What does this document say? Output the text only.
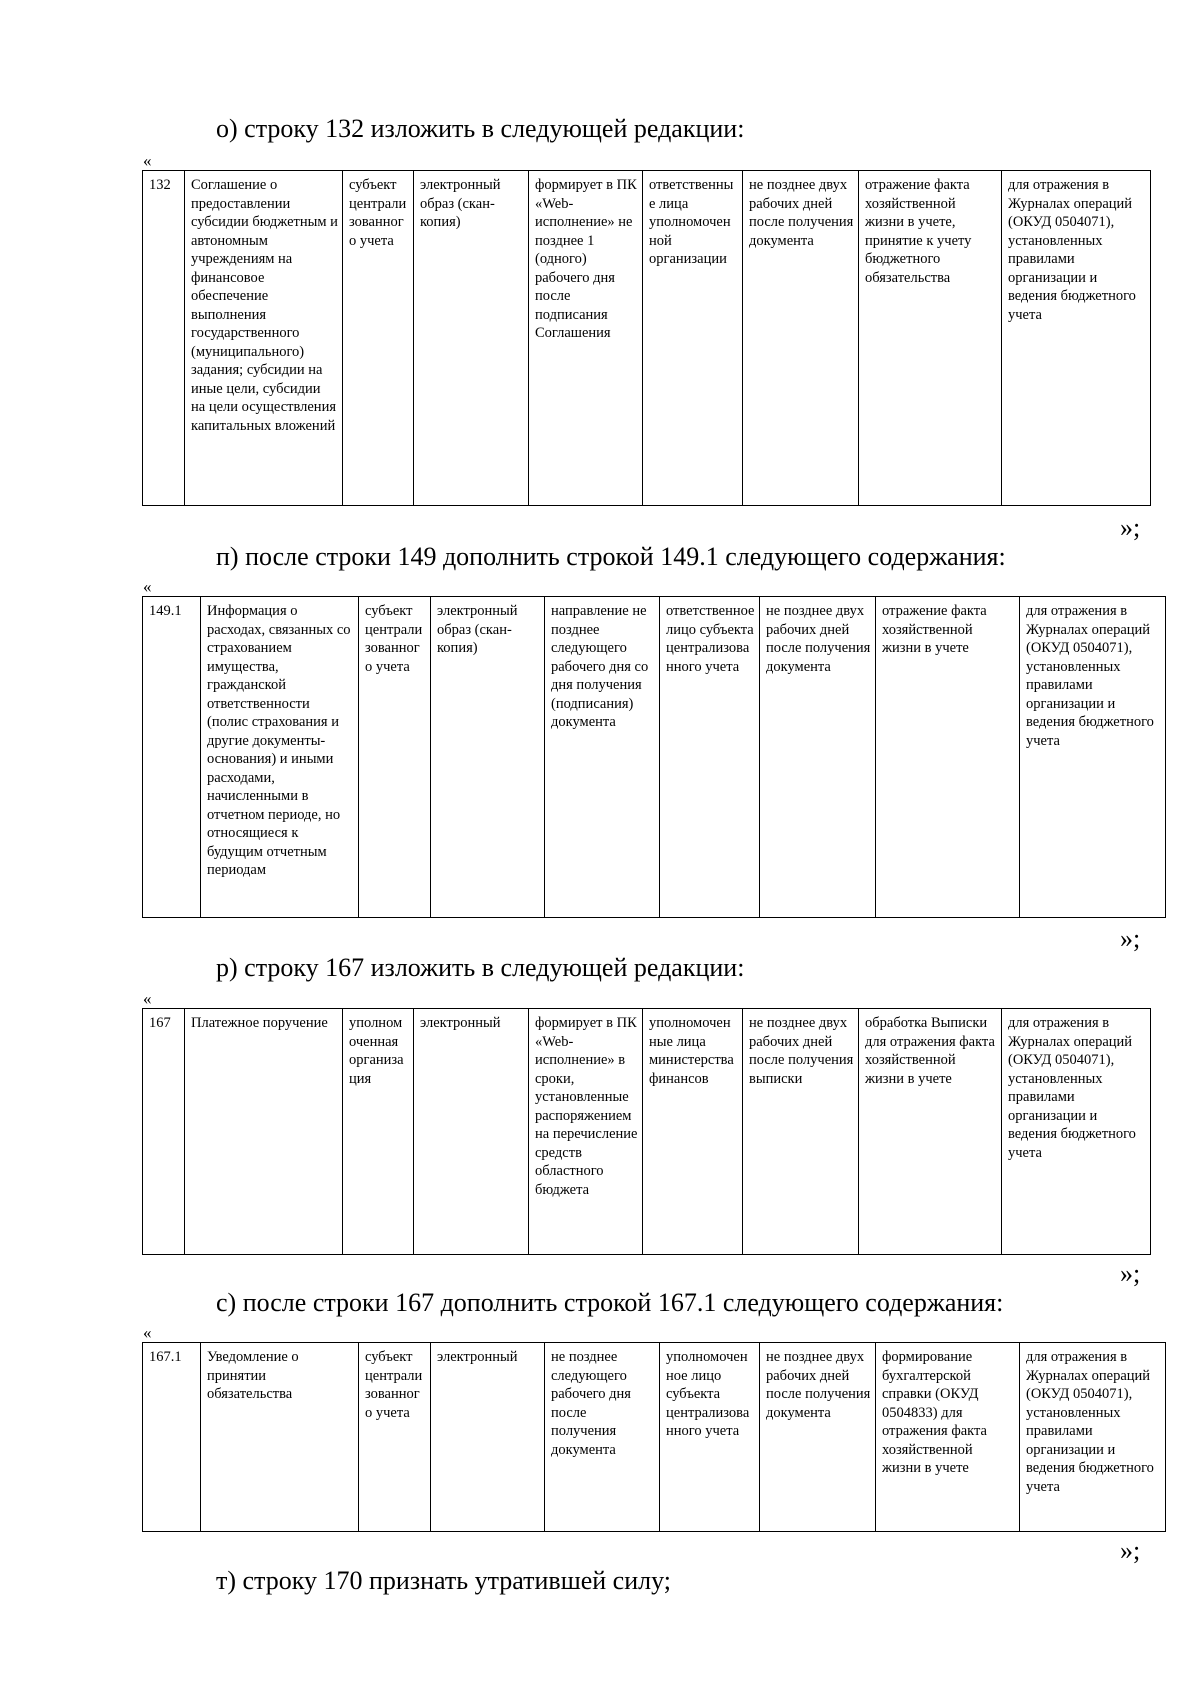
о) строку 132 изложить в следующей редакции:
«
132	Соглашение о предоставлении субсидии бюджетным и автономным учреждениям на финансовое обеспечение выполнения государственного (муниципального) задания; субсидии на иные цели, субсидии на цели осуществления капитальных вложений	субъект централизованного учета	электронный образ (скан-копия)	формирует в ПК «Web-исполнение» не позднее 1 (одного) рабочего дня после подписания Соглашения	ответственные лица уполномоченной организации	не позднее двух рабочих дней после получения документа	отражение факта хозяйственной жизни в учете, принятие к учету бюджетного обязательства	для отражения в Журналах операций (ОКУД 0504071), установленных правилами организации и ведения бюджетного учета
»;
п) после строки 149 дополнить строкой 149.1 следующего содержания:
«
149.1	Информация о расходах, связанных со страхованием имущества, гражданской ответственности (полис страхования и другие документы-основания) и иными расходами, начисленными в отчетном периоде, но относящиеся к будущим отчетным периодам	субъект централизованного учета	электронный образ (скан-копия)	направление не позднее следующего рабочего дня со дня получения (подписания) документа	ответственное лицо субъекта централизованного учета	не позднее двух рабочих дней после получения документа	отражение факта хозяйственной жизни в учете	для отражения в Журналах операций (ОКУД 0504071), установленных правилами организации и ведения бюджетного учета
»;
р) строку 167 изложить в следующей редакции:
«
167	Платежное поручение	уполномоченная организация	электронный	формирует в ПК «Web-исполнение» в сроки, установленные распоряжением на перечисление средств областного бюджета	уполномоченные лица министерства финансов	не позднее двух рабочих дней после получения выписки	обработка Выписки для отражения факта хозяйственной жизни в учете	для отражения в Журналах операций (ОКУД 0504071), установленных правилами организации и ведения бюджетного учета
»;
с) после строки 167 дополнить строкой 167.1 следующего содержания:
«
167.1	Уведомление о принятии обязательства	субъект централизованного учета	электронный	не позднее следующего рабочего дня после получения документа	уполномоченное лицо субъекта централизованного учета	не позднее двух рабочих дней после получения документа	формирование бухгалтерской справки (ОКУД 0504833) для отражения факта хозяйственной жизни в учете	для отражения в Журналах операций (ОКУД 0504071), установленных правилами организации и ведения бюджетного учета
»;

т) строку 170 признать утратившей силу;
